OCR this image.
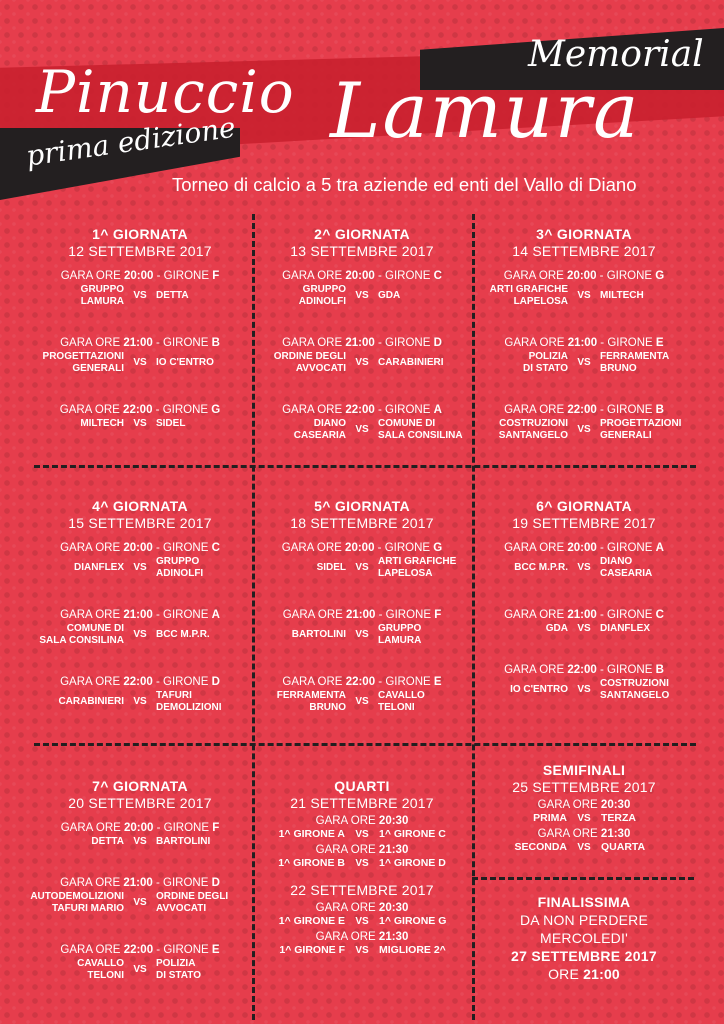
Memorial
Pinuccio Lamura
prima edizione
Torneo di calcio a 5 tra aziende ed enti del Vallo di Diano
1^ GIORNATA
12 SETTEMBRE 2017
GARA ORE 20:00 - GIRONE F
GRUPPO
LAMURA
VS DETTA
GARA ORE 21:00 - GIRONE B
PROGETTAZIONI
GENERALI
VS IO C'ENTRO
GARA ORE 22:00 - GIRONE G
MILTECH VS SIDEL
2^ GIORNATA
13 SETTEMBRE 2017
GARA ORE 20:00 - GIRONE C
GRUPPO
ADINOLFI
VS GDA
GARA ORE 21:00 - GIRONE D
ORDINE DEGLI
AVVOCATI
VS CARABINIERI
GARA ORE 22:00 - GIRONE A
DIANO
CASEARIA
VS
COMUNE DI
SALA CONSILINA
3^ GIORNATA
14 SETTEMBRE 2017
GARA ORE 20:00 - GIRONE G
ARTI GRAFICHE
LAPELOSA
VS MILTECH
GARA ORE 21:00 - GIRONE E
POLIZIA
DI STATO
VS
FERRAMENTA
BRUNO
GARA ORE 22:00 - GIRONE B
COSTRUZIONI
SANTANGELO
VS
PROGETTAZIONI
GENERALI
4^ GIORNATA
15 SETTEMBRE 2017
GARA ORE 20:00 - GIRONE C
DIANFLEX VS
GRUPPO
ADINOLFI
GARA ORE 21:00 - GIRONE A
COMUNE DI
SALA CONSILINA
VS BCC M.P.R.
GARA ORE 22:00 - GIRONE D
CARABINIERI VS
TAFURI
DEMOLIZIONI
5^ GIORNATA
18 SETTEMBRE 2017
GARA ORE 20:00 - GIRONE G
SIDEL VS
ARTI GRAFICHE
LAPELOSA
GARA ORE 21:00 - GIRONE F
BARTOLINI VS
GRUPPO
LAMURA
GARA ORE 22:00 - GIRONE E
FERRAMENTA
BRUNO
VS
CAVALLO
TELONI
6^ GIORNATA
19 SETTEMBRE 2017
GARA ORE 20:00 - GIRONE A
BCC M.P.R. VS
DIANO
CASEARIA
GARA ORE 21:00 - GIRONE C
GDA VS DIANFLEX
GARA ORE 22:00 - GIRONE B
IO C'ENTRO VS
COSTRUZIONI
SANTANGELO
7^ GIORNATA
20 SETTEMBRE 2017
GARA ORE 20:00 - GIRONE F
DETTA VS BARTOLINI
GARA ORE 21:00 - GIRONE D
AUTODEMOLIZIONI
TAFURI MARIO
VS
ORDINE DEGLI
AVVOCATI
GARA ORE 22:00 - GIRONE E
CAVALLO
TELONI
VS
POLIZIA
DI STATO
QUARTI
21 SETTEMBRE 2017
GARA ORE 20:30
1^ GIRONE A	VS 1^ GIRONE C
GARA ORE 21:30
1^ GIRONE B	VS 1^ GIRONE D
22 SETTEMBRE 2017
GARA ORE 20:30
1^ GIRONE E	VS 1^ GIRONE G
GARA ORE 21:30
1^ GIRONE F	VS MIGLIORE 2^
SEMIFINALI
25 SETTEMBRE 2017
GARA ORE 20:30
PRIMA	VS TERZA
GARA ORE 21:30
SECONDA	VS QUARTA
FINALISSIMA
DA NON PERDERE
MERCOLEDI'
27 SETTEMBRE 2017
ORE 21:00
